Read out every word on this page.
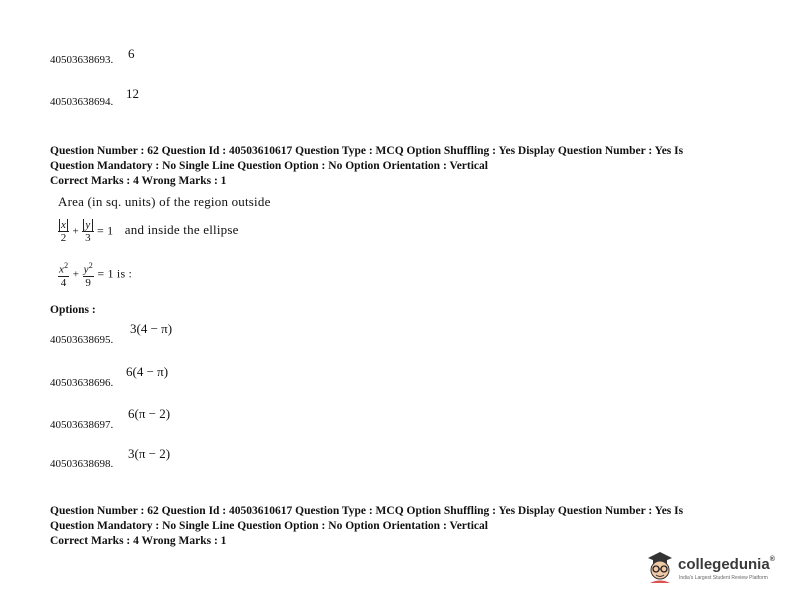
40503638693. 6
40503638694.
12
Question Number : 62 Question Id : 40503610617 Question Type : MCQ Option Shuffling : Yes Display Question Number : Yes Is
Question Mandatory : No Single Line Question Option : No Option Orientation : Vertical
Correct Marks : 4 Wrong Marks : 1
Area (in sq. units) of the region outside
$\frac{x}{2} + \frac{y}{3} = 1$ and inside the ellipse
$\frac{x^2}{4} + \frac{y^2}{9} = 1$ is :
Options :
40503638695.
3(4 − π)
40503638696.
6(4 − π)
40503638697.
6(π − 2)
40503638698.
3(π − 2)
Question Number : 62 Question Id : 40503610617 Question Type : MCQ Option Shuffling : Yes Display Question Number : Yes Is
Question Mandatory : No Single Line Question Option : No Option Orientation : Vertical
Correct Marks : 4 Wrong Marks : 1
collegedunia®
India's Largest Student Review Platform
